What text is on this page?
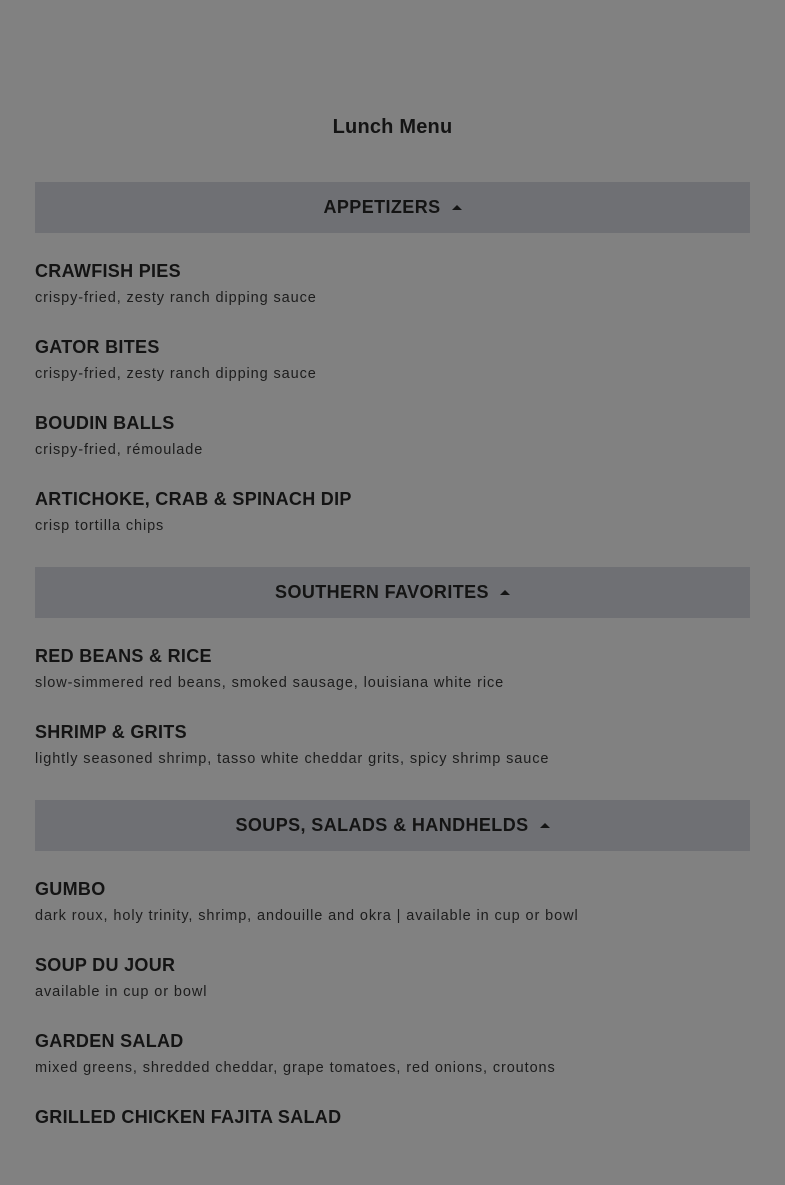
Lunch Menu
APPETIZERS
CRAWFISH PIES
crispy-fried, zesty ranch dipping sauce
GATOR BITES
crispy-fried, zesty ranch dipping sauce
BOUDIN BALLS
crispy-fried, rémoulade
ARTICHOKE, CRAB & SPINACH DIP
crisp tortilla chips
SOUTHERN FAVORITES
RED BEANS & RICE
slow-simmered red beans, smoked sausage, louisiana white rice
SHRIMP & GRITS
lightly seasoned shrimp, tasso white cheddar grits, spicy shrimp sauce
SOUPS, SALADS & HANDHELDS
GUMBO
dark roux, holy trinity, shrimp, andouille and okra | available in cup or bowl
SOUP DU JOUR
available in cup or bowl
GARDEN SALAD
mixed greens, shredded cheddar, grape tomatoes, red onions, croutons
GRILLED CHICKEN FAJITA SALAD
